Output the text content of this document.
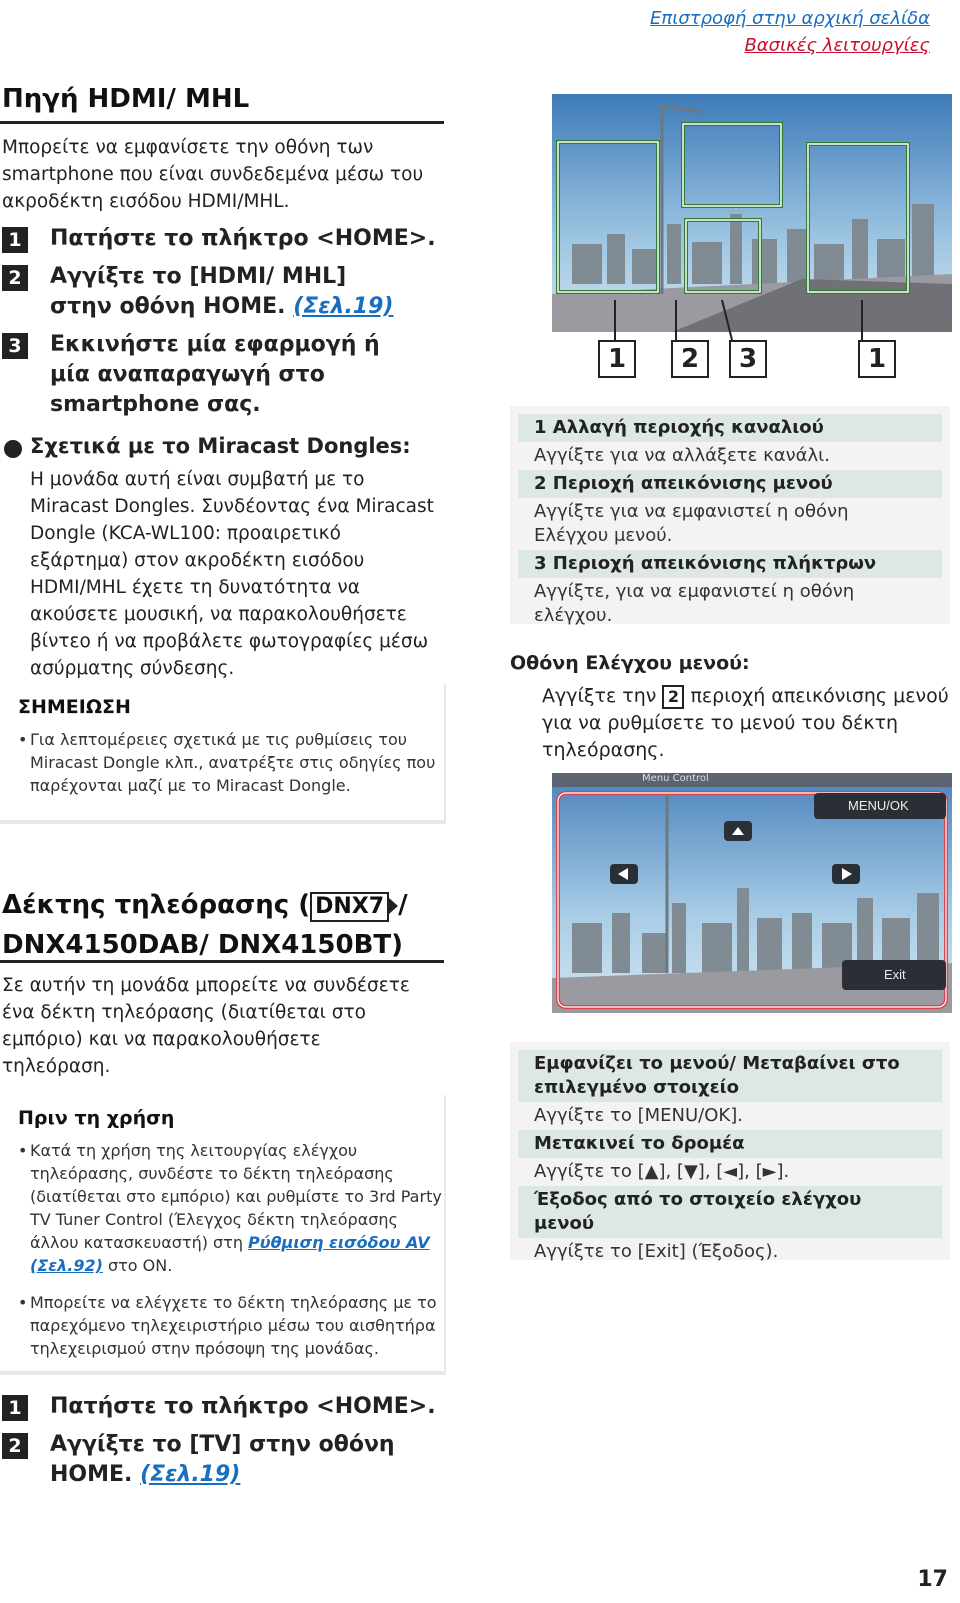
Επιστροφή στην αρχική σελίδα
Βασικές λειτουργίες
Πηγή HDMI/ MHL
Μπορείτε να εμφανίσετε την οθόνη των smartphone που είναι συνδεδεμένα μέσω του ακροδέκτη εισόδου HDMI/MHL.
1 Πατήστε το πλήκτρο <HOME>.
2 Αγγίξτε το [HDMI/ MHL] στην οθόνη HOME. (Σελ.19)
3 Εκκινήστε μία εφαρμογή ή μία αναπαραγωγή στο smartphone σας.
Σχετικά με το Miracast Dongles:
Η μονάδα αυτή είναι συμβατή με το Miracast Dongles. Συνδέοντας ένα Miracast Dongle (KCA-WL100: προαιρετικό εξάρτημα) στον ακροδέκτη εισόδου HDMI/MHL έχετε τη δυνατότητα να ακούσετε μουσική, να παρακολουθήσετε βίντεο ή να προβάλετε φωτογραφίες μέσω ασύρματης σύνδεσης.
ΣΗΜΕΙΩΣΗ
• Για λεπτομέρειες σχετικά με τις ρυθμίσεις του Miracast Dongle κλπ., ανατρέξτε στις οδηγίες που παρέχονται μαζί με το Miracast Dongle.
1	2	3	1
1 Αλλαγή περιοχής καναλιού
Αγγίξτε για να αλλάξετε κανάλι.
2 Περιοχή απεικόνισης μενού
Αγγίξτε για να εμφανιστεί η οθόνη Ελέγχου μενού.
3 Περιοχή απεικόνισης πλήκτρων
Αγγίξτε, για να εμφανιστεί η οθόνη ελέγχου.
Οθόνη Ελέγχου μενού:
Αγγίξτε την 2 περιοχή απεικόνισης μενού για να ρυθμίσετε το μενού του δέκτη τηλεόρασης.
Menu Control
MENU/OK
Exit
Εμφανίζει το μενού/ Μεταβαίνει στο επιλεγμένο στοιχείο
Αγγίξτε το [MENU/OK].
Μετακινεί το δρομέα
Αγγίξτε το [▲], [▼], [◄], [►].
Έξοδος από το στοιχείο ελέγχου μενού
Αγγίξτε το [Exit] (Έξοδος).
Δέκτης τηλεόρασης ( DNX7 /
DNX4150DAB/ DNX4150BT)
Σε αυτήν τη μονάδα μπορείτε να συνδέσετε ένα δέκτη τηλεόρασης (διατίθεται στο εμπόριο) και να παρακολουθήσετε τηλεόραση.
Πριν τη χρήση
• Κατά τη χρήση της λειτουργίας ελέγχου τηλεόρασης, συνδέστε το δέκτη τηλεόρασης (διατίθεται στο εμπόριο) και ρυθμίστε το 3rd Party TV Tuner Control (Έλεγχος δέκτη τηλεόρασης άλλου κατασκευαστή) στη Ρύθμιση εισόδου AV (Σελ.92) στο ON.
• Μπορείτε να ελέγχετε το δέκτη τηλεόρασης με το παρεχόμενο τηλεχειριστήριο μέσω του αισθητήρα τηλεχειρισμού στην πρόσοψη της μονάδας.
1 Πατήστε το πλήκτρο <HOME>.
2 Αγγίξτε το [TV] στην οθόνη HOME. (Σελ.19)
17
